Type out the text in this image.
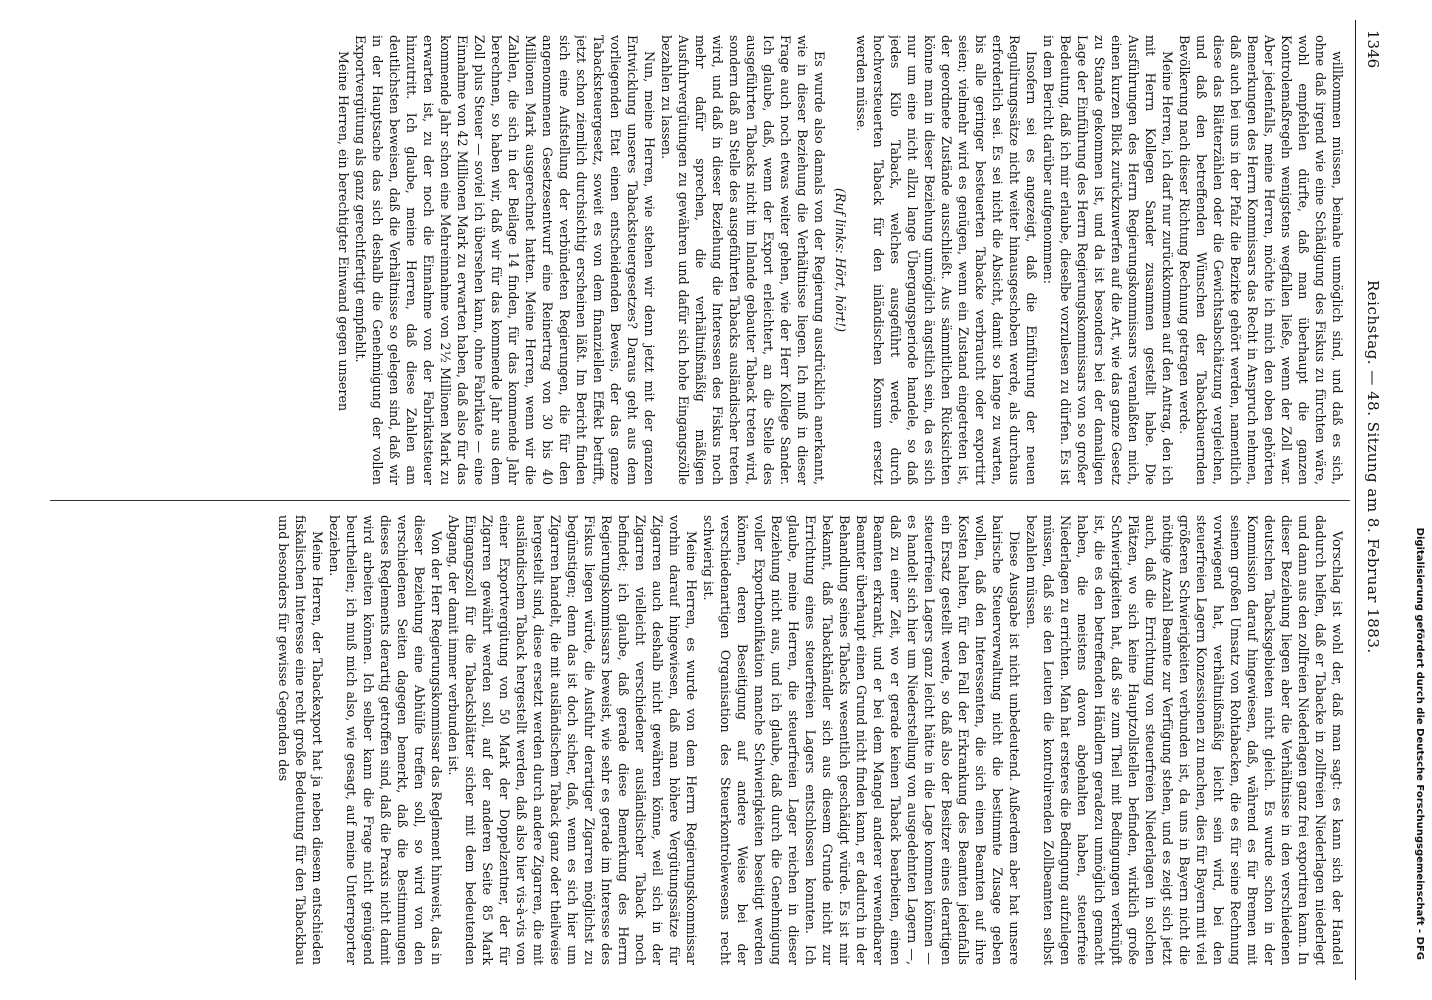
1346
Reichstag. — 48. Sitzung am 8. Februar 1883.

willkommen müssen, beinahe unmöglich sind, und daß es sich, ohne daß irgend wie eine Schädigung des Fiskus zu fürchten wäre, wohl empfehlen dürfte, daß man überhaupt die ganzen Kontrolemaßregeln wenigstens wegfallen ließe, wenn der Zoll war. Aber jedenfalls, meine Herren, möchte ich mich den oben gehörten Bemerkungen des Herrn Kommissars das Recht in Anspruch nehmen, daß auch bei uns in der Pfalz die Bezirke gehört werden, namentlich diese das Blätterzählen oder die Gewichtsabschätzung vergleichen, und daß den betreffenden Wünschen der Tabackbauernden Bevölkerung nach dieser Richtung Rechnung getragen werde.

Meine Herren, ich darf nur zurückkommen auf den Antrag, den ich mit Herrn Kollegen Sander zusammen gestellt habe. Die Ausführungen des Herrn Regierungskommissars veranlaßten mich, einen kurzen Blick zurückzuwerfen auf die Art, wie das ganze Gesetz zu Stande gekommen ist, und da ist besonders bei der damaligen Lage der Einführung des Herrn Regierungskommissars von so großer Bedeutung, daß ich mir erlaube, dieselbe vorzulesen zu dürfen. Es ist in dem Bericht darüber aufgenommen:

Insofern sei es angezeigt, daß die Einführung der neuen Regulirungssätze nicht weiter hinausgeschoben werde, als durchaus erforderlich sei. Es sei nicht die Absicht, damit so lange zu warten, bis alle geringer besteuerten Tabacke verbraucht oder exportirt seien; vielmehr wird es genügen, wenn ein Zustand eingetreten ist, der geordnete Zustände ausschließt. Aus sämmtlichen Rücksichten könne man in dieser Beziehung unmöglich ängstlich sein, da es sich nur um eine nicht allzu lange Übergangsperiode handele, so daß jedes Kilo Taback, welches ausgeführt werde, durch hochversteuerten Taback für den inländischen Konsum ersetzt werden müsse.

(Ruf links: Hört, hört!)

Es wurde also damals von der Regierung ausdrücklich anerkannt, wie in dieser Beziehung die Verhältnisse liegen. Ich muß in dieser Frage auch noch etwas weiter gehen, wie der Herr Kollege Sander. Ich glaube, daß, wenn der Export erleichtert, an die Stelle des ausgeführten Tabacks nicht im Inlande gebauter Taback treten wird, sondern daß an Stelle des ausgeführten Tabacks ausländischer treten wird, und daß in dieser Beziehung die Interessen des Fiskus noch mehr dafür sprechen, die verhältnißmäßig mäßigen Ausfuhrvergütungen zu gewähren und dafür sich hohe Eingangszölle bezahlen zu lassen.

Nun, meine Herren, wie stehen wir denn jetzt mit der ganzen Entwicklung unseres Tabacksteuergesetzes? Daraus geht aus dem vorliegenden Etat einen entscheidenden Beweis, der das ganze Tabacksteuergesetz, soweit es von dem finanziellen Effekt betrifft, jetzt schon ziemlich durchsichtig erscheinen läßt. Im Bericht finden sich eine Aufstellung der verbündeten Regierungen, die für den angenommenen Gesetzesentwurf eine Reinertrag von 30 bis 40 Millionen Mark ausgerechnet hatten. Meine Herren, wenn wir die Zahlen, die sich in der Beilage 14 finden, für das kommende Jahr berechnen, so haben wir, daß wir für das kommende Jahr aus dem Zoll plus Steuer — soviel ich übersehen kann, ohne Fabrikate — eine Einnahme von 42 Millionen Mark zu erwarten haben, daß also für das kommende Jahr schon eine Mehreinnahme von 2½ Millionen Mark zu erwarten ist, zu der noch die Einnahme von der Fabrikatsteuer hinzutritt. Ich glaube, meine Herren, daß diese Zahlen am deutlichsten beweisen, daß die Verhältnisse so gelegen sind, daß wir in der Hauptsache das sich deshalb die Genehmigung der vollen Exportvergütung als ganz gerechtfertigt empfiehlt.

Meine Herren, ein berechtigter Einwand gegen unseren

Vorschlag ist wohl der, daß man sagt: es kann sich der Handel dadurch helfen, daß er Tabacke in zollfreien Niederlagen niederlegt und dann aus den zollfreien Niederlagen ganz frei exportiren kann. In dieser Beziehung liegen aber die Verhältnisse in den verschiedenen deutschen Tabacksgebieten nicht gleich. Es wurde schon in der Kommission darauf hingewiesen, daß, während es für Bremen mit seinem großen Umsatz von Rohtabacken, die es für seine Rechnung vorwiegend hat, verhältnißmäßig leicht sein wird, bei den steuerfreien Lagern Konzessionen zu machen, dies für Bayern mit viel größeren Schwierigkeiten verbunden ist, da uns in Bayern nicht die nöthige Anzahl Beamte zur Verfügung stehen, und es zeigt sich jetzt auch, daß die Errichtung von steuerfreien Niederlagen in solchen Plätzen, wo sich keine Hauptzollstellen befinden, wirklich große Schwierigkeiten hat, daß sie zum Theil mit Bedingungen verknüpft ist, die es den betreffenden Händlern geradezu unmöglich gemacht haben, die meistens davon abgehalten haben, steuerfreie Niederlagen zu errichten. Man hat ersteres die Bedingung aufzulegen müssen, daß sie den Leuten die kontrolirenden Zollbeamten selbst bezahlen müssen.

Diese Ausgabe ist nicht unbedeutend. Außerdem aber hat unsere bairische Steuerverwaltung nicht die bestimmte Zusage geben wollen, daß den Interessenten, die sich einen Beamten auf ihre Kosten halten, für den Fall der Erkrankung des Beamten jedenfalls ein Ersatz gestellt werde, so daß also der Besitzer eines derartigen steuerfreien Lagers ganz leicht hätte in die Lage kommen können — es handelt sich hier um Niederstellung von ausgedehnten Lagern —, daß zu einer Zeit, wo er gerade keinen Taback bearbeiten, einen Beamten erkrankt, und er bei dem Mangel anderer verwendbarer Beamter überhaupt einen Grund nicht finden kann, er dadurch in der Behandlung seines Tabacks wesentlich geschädigt würde. Es ist mir bekannt, daß Tabackhändler sich aus diesem Grunde nicht zur Errichtung eines steuerfreien Lagers entschlossen konnten. Ich glaube, meine Herren, die steuerfreien Lager reichen in dieser Beziehung nicht aus, und ich glaube, daß durch die Genehmigung voller Exportbonifikation manche Schwierigkeiten beseitigt werden können, deren Beseitigung auf andere Weise bei der verschiedenartigen Organisation des Steuerkontrolewesens recht schwierig ist.

Meine Herren, es wurde von dem Herrn Regierungskommissar vorhin darauf hingewiesen, daß man höhere Vergütungssätze für Zigarren auch deshalb nicht gewähren könne, weil sich in der Zigarren vielleicht verschiedener ausländischer Taback noch befindet; ich glaube, daß gerade diese Bemerkung des Herrn Regierungskommissars beweist, wie sehr es gerade im Interesse des Fiskus liegen würde, die Ausfuhr derartiger Zigarren möglichst zu begünstigen; denn das ist doch sicher, daß, wenn es sich hier um Zigarren handelt, die mit ausländischem Taback ganz oder theilweise hergestellt sind, diese ersetzt werden durch andere Zigarren, die mit ausländischem Taback hergestellt werden, daß also hier vis-à-vis von einer Exportvergütung von 50 Mark der Doppelzentner, der für Zigarren gewährt werden soll, auf der anderen Seite 85 Mark Eingangszoll für die Tabacksblätter sicher mit dem bedeutenden Abgang, der damit immer verbunden ist.

Von der Herr Regierungskommissar das Reglement hinweist, das in dieser Beziehung eine Abhülfe treffen soll, so wird von den verschiedenen Seiten dagegen bemerkt, daß die Bestimmungen dieses Reglements derartig getroffen sind, daß die Praxis nicht damit wird arbeiten können. Ich selber kann die Frage nicht genügend beurtheilen; ich muß mich also, wie gesagt, auf meine Unterreporter beziehen.

Meine Herren, der Tabackexport hat ja neben diesem entschieden fiskalischen Interesse eine recht große Bedeutung für den Tabackbau und besonders für gewisse Gegenden des	Digitalisierung gefördert durch die Deutsche Forschungsgemeinschaft - DFG
